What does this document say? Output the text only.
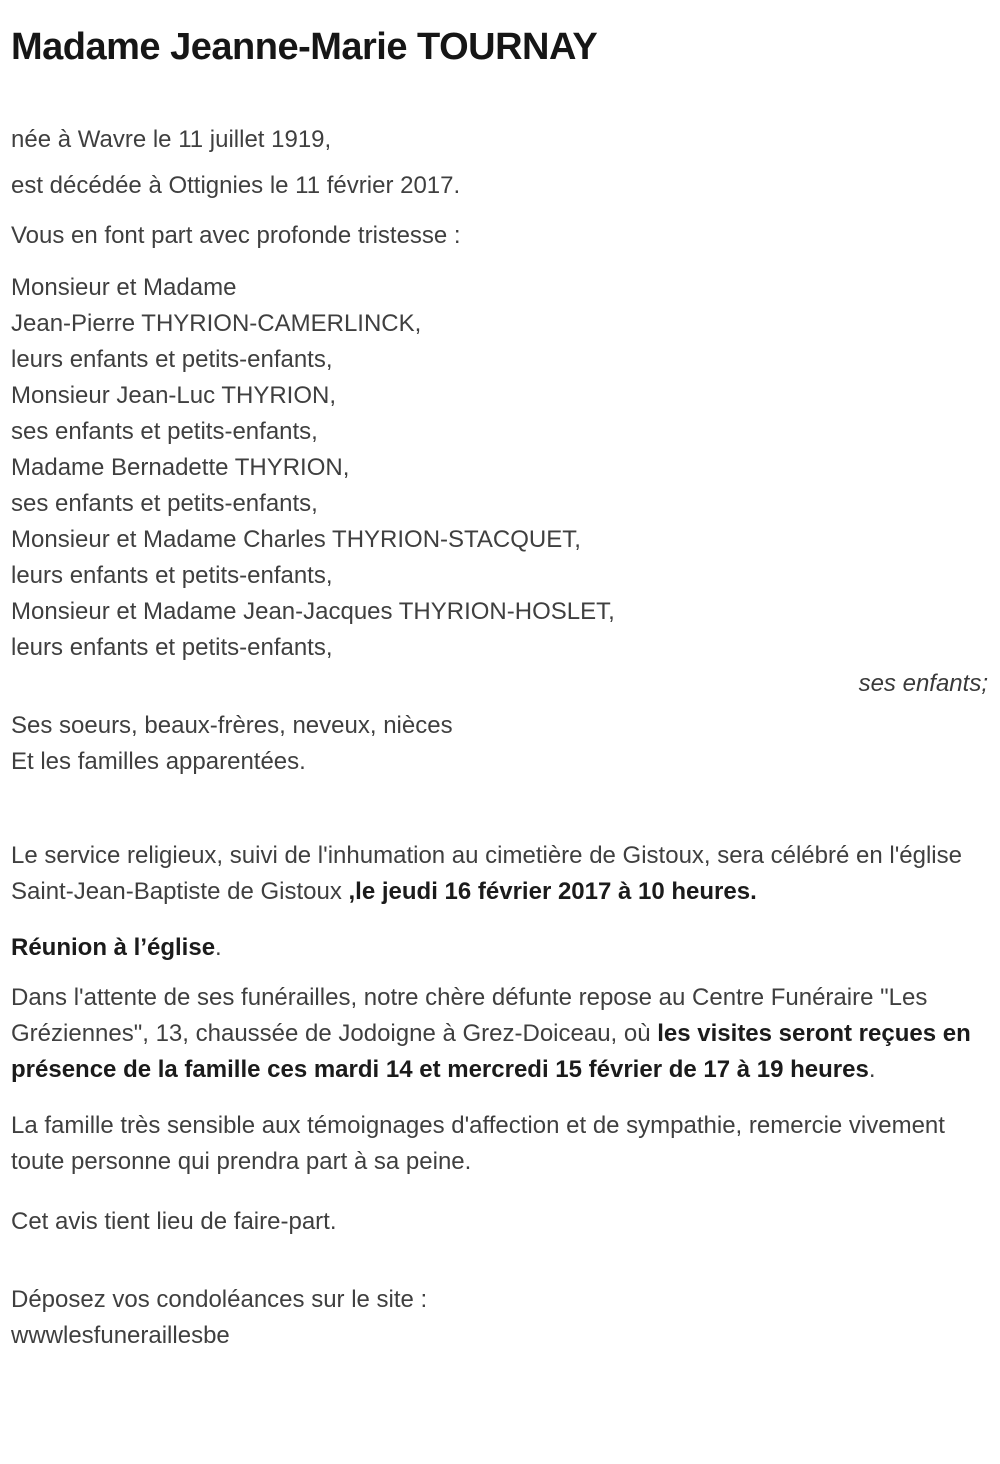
Madame Jeanne-Marie TOURNAY

née à Wavre le 11 juillet 1919,

est décédée à Ottignies le 11 février 2017.

Vous en font part avec profonde tristesse :

Monsieur et Madame

Jean-Pierre THYRION-CAMERLINCK,

leurs enfants et petits-enfants,

Monsieur Jean-Luc THYRION,

ses enfants et petits-enfants,

Madame Bernadette THYRION,

ses enfants et petits-enfants,

Monsieur et Madame Charles THYRION-STACQUET,

leurs enfants et petits-enfants,

Monsieur et Madame Jean-Jacques THYRION-HOSLET,

leurs enfants et petits-enfants,

ses enfants;

Ses soeurs, beaux-frères, neveux, nièces

Et les familles apparentées.

Le service religieux, suivi de l'inhumation au cimetière de Gistoux, sera célébré en l'église Saint-Jean-Baptiste de Gistoux ,le jeudi 16 février 2017 à 10 heures.

Réunion à l’église.

Dans l'attente de ses funérailles, notre chère défunte repose au Centre Funéraire "Les Gréziennes", 13, chaussée de Jodoigne à Grez-Doiceau, où les visites seront reçues en présence de la famille ces mardi 14 et mercredi 15 février de 17 à 19 heures.

La famille très sensible aux témoignages d'affection et de sympathie, remercie vivement toute personne qui prendra part à sa peine.

Cet avis tient lieu de faire-part.

Déposez vos condoléances sur le site :

wwwlesfuneraillesbe
